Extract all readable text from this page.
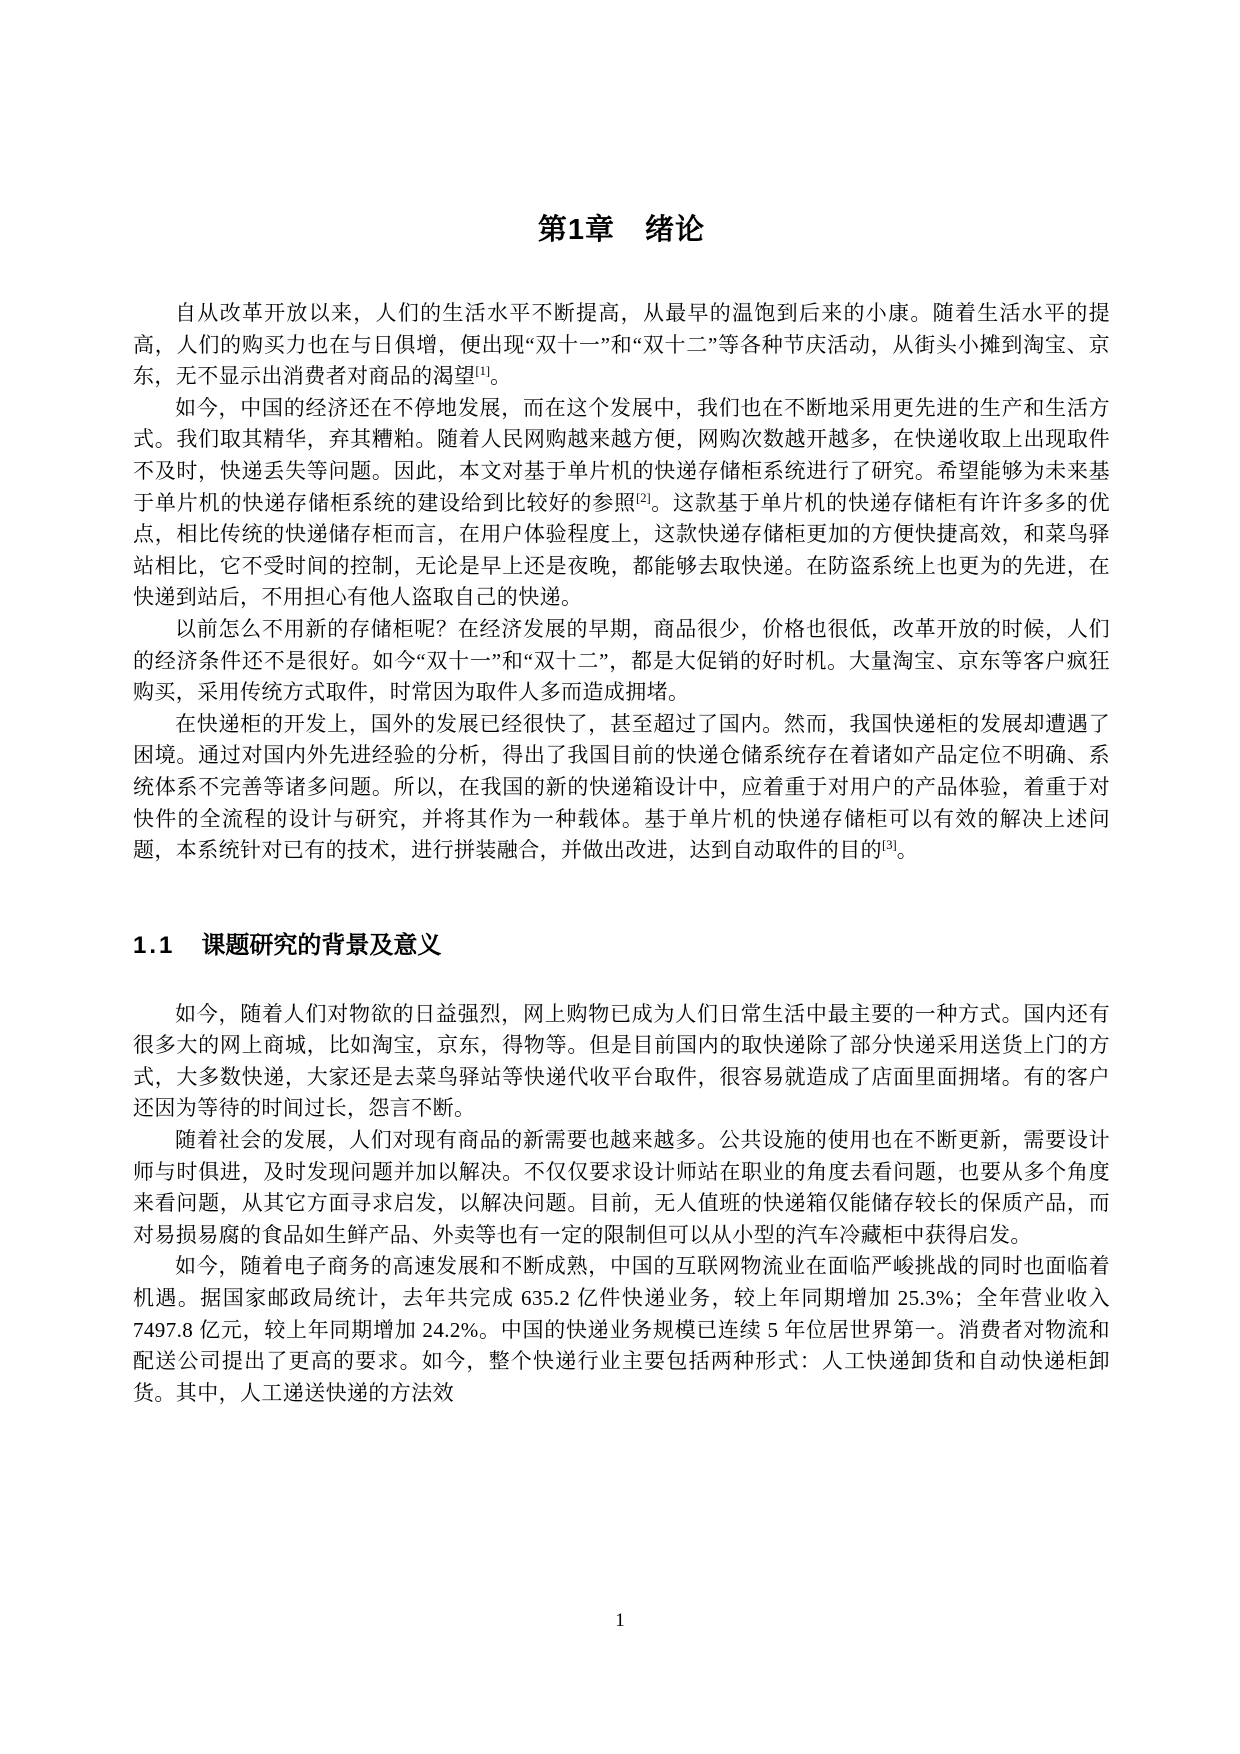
第1章　绪论

自从改革开放以来，人们的生活水平不断提高，从最早的温饱到后来的小康。随着生活水平的提高，人们的购买力也在与日俱增，便出现“双十一”和“双十二”等各种节庆活动，从街头小摊到淘宝、京东，无不显示出消费者对商品的渴望[1]。

如今，中国的经济还在不停地发展，而在这个发展中，我们也在不断地采用更先进的生产和生活方式。我们取其精华，弃其糟粕。随着人民网购越来越方便，网购次数越开越多，在快递收取上出现取件不及时，快递丢失等问题。因此，本文对基于单片机的快递存储柜系统进行了研究。希望能够为未来基于单片机的快递存储柜系统的建设给到比较好的参照[2]。这款基于单片机的快递存储柜有许许多多的优点，相比传统的快递储存柜而言，在用户体验程度上，这款快递存储柜更加的方便快捷高效，和菜鸟驿站相比，它不受时间的控制，无论是早上还是夜晚，都能够去取快递。在防盗系统上也更为的先进，在快递到站后，不用担心有他人盗取自己的快递。

以前怎么不用新的存储柜呢？在经济发展的早期，商品很少，价格也很低，改革开放的时候，人们的经济条件还不是很好。如今“双十一”和“双十二”，都是大促销的好时机。大量淘宝、京东等客户疯狂购买，采用传统方式取件，时常因为取件人多而造成拥堵。

在快递柜的开发上，国外的发展已经很快了，甚至超过了国内。然而，我国快递柜的发展却遭遇了困境。通过对国内外先进经验的分析，得出了我国目前的快递仓储系统存在着诸如产品定位不明确、系统体系不完善等诸多问题。所以，在我国的新的快递箱设计中，应着重于对用户的产品体验，着重于对快件的全流程的设计与研究，并将其作为一种载体。基于单片机的快递存储柜可以有效的解决上述问题，本系统针对已有的技术，进行拼装融合，并做出改进，达到自动取件的目的[3]。

1.1 课题研究的背景及意义

如今，随着人们对物欲的日益强烈，网上购物已成为人们日常生活中最主要的一种方式。国内还有很多大的网上商城，比如淘宝，京东，得物等。但是目前国内的取快递除了部分快递采用送货上门的方式，大多数快递，大家还是去菜鸟驿站等快递代收平台取件，很容易就造成了店面里面拥堵。有的客户还因为等待的时间过长，怨言不断。

随着社会的发展，人们对现有商品的新需要也越来越多。公共设施的使用也在不断更新，需要设计师与时俱进，及时发现问题并加以解决。不仅仅要求设计师站在职业的角度去看问题，也要从多个角度来看问题，从其它方面寻求启发，以解决问题。目前，无人值班的快递箱仅能储存较长的保质产品，而对易损易腐的食品如生鲜产品、外卖等也有一定的限制但可以从小型的汽车冷藏柜中获得启发。

如今，随着电子商务的高速发展和不断成熟，中国的互联网物流业在面临严峻挑战的同时也面临着机遇。据国家邮政局统计，去年共完成 635.2 亿件快递业务，较上年同期增加 25.3%；全年营业收入 7497.8 亿元，较上年同期增加 24.2%。中国的快递业务规模已连续 5 年位居世界第一。消费者对物流和配送公司提出了更高的要求。如今，整个快递行业主要包括两种形式：人工快递卸货和自动快递柜卸货。其中，人工递送快递的方法效

1
